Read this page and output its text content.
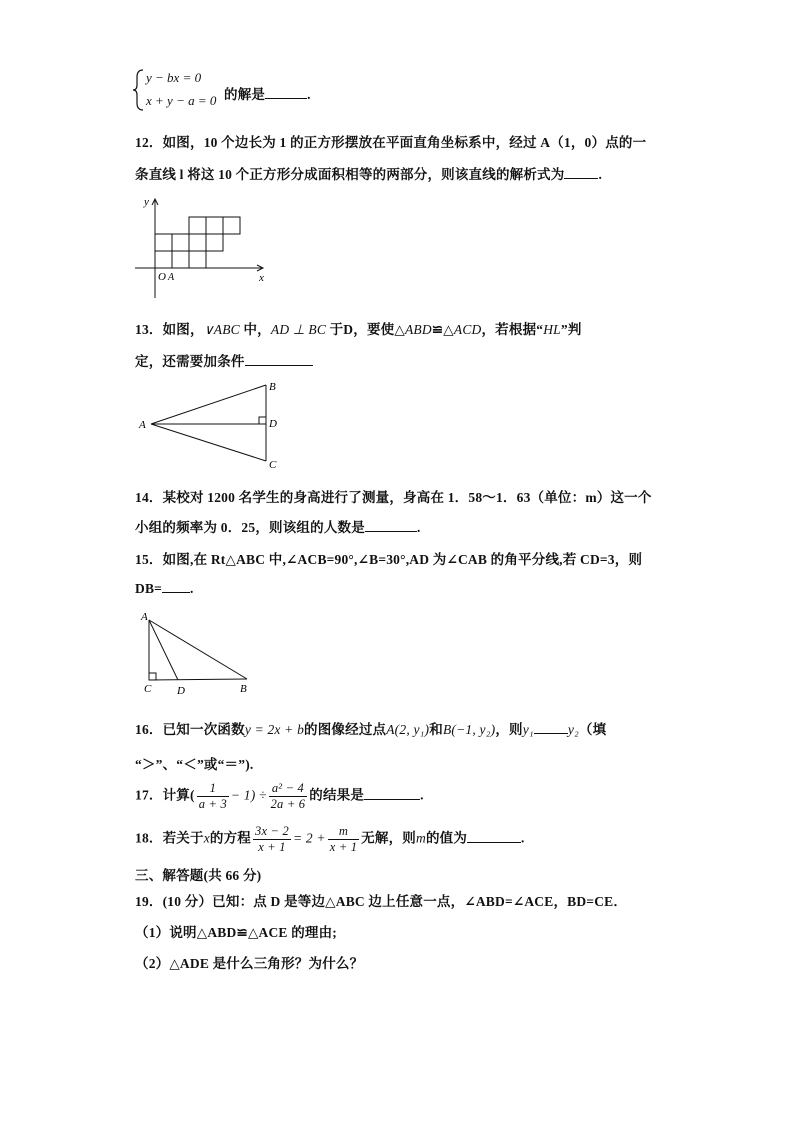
y − bx = 0
x + y − a = 0 的解是	.
12．如图，10 个边长为 1 的正方形摆放在平面直角坐标系中，经过 A（1，0）点的一
条直线 l 将这 10 个正方形分成面积相等的两部分，则该直线的解析式为	.
y
x
O A
13．如图，∨ABC 中，AD ⊥ BC 于D，要使△ABD≌△ACD，若根据“HL”判
定，还需要加条件
A
B
D
C
14．某校对 1200 名学生的身高进行了测量，身高在 1．58～1．63（单位：m）这一个
小组的频率为 0．25，则该组的人数是	.
15．如图,在 Rt△ABC 中,∠ACB=90°,∠B=30°,AD 为∠CAB 的角平分线,若 CD=3，则
DB= .
A
C D	B
16．已知一次函数y = 2x + b的图像经过点A(2, y₁)和B(−1, y₂)，则y₁	y₂（填
“＞”、“＜”或“＝”).
17．计算( $\frac{1}{a + 3} - 1) \div \frac{\text{a² − 4}}{2a + 6}$ 的结果是	.
18．若关于x的方程 $\frac{3x - 2}{x + 1} = 2 + \frac{m}{x + 1}$ 无解，则m的值为	.
三、解答题(共 66 分)
19．(10 分）已知：点 D 是等边△ABC 边上任意一点，∠ABD=∠ACE，BD=CE．
（1）说明△ABD≌△ACE 的理由;
（2）△ADE 是什么三角形？为什么？
